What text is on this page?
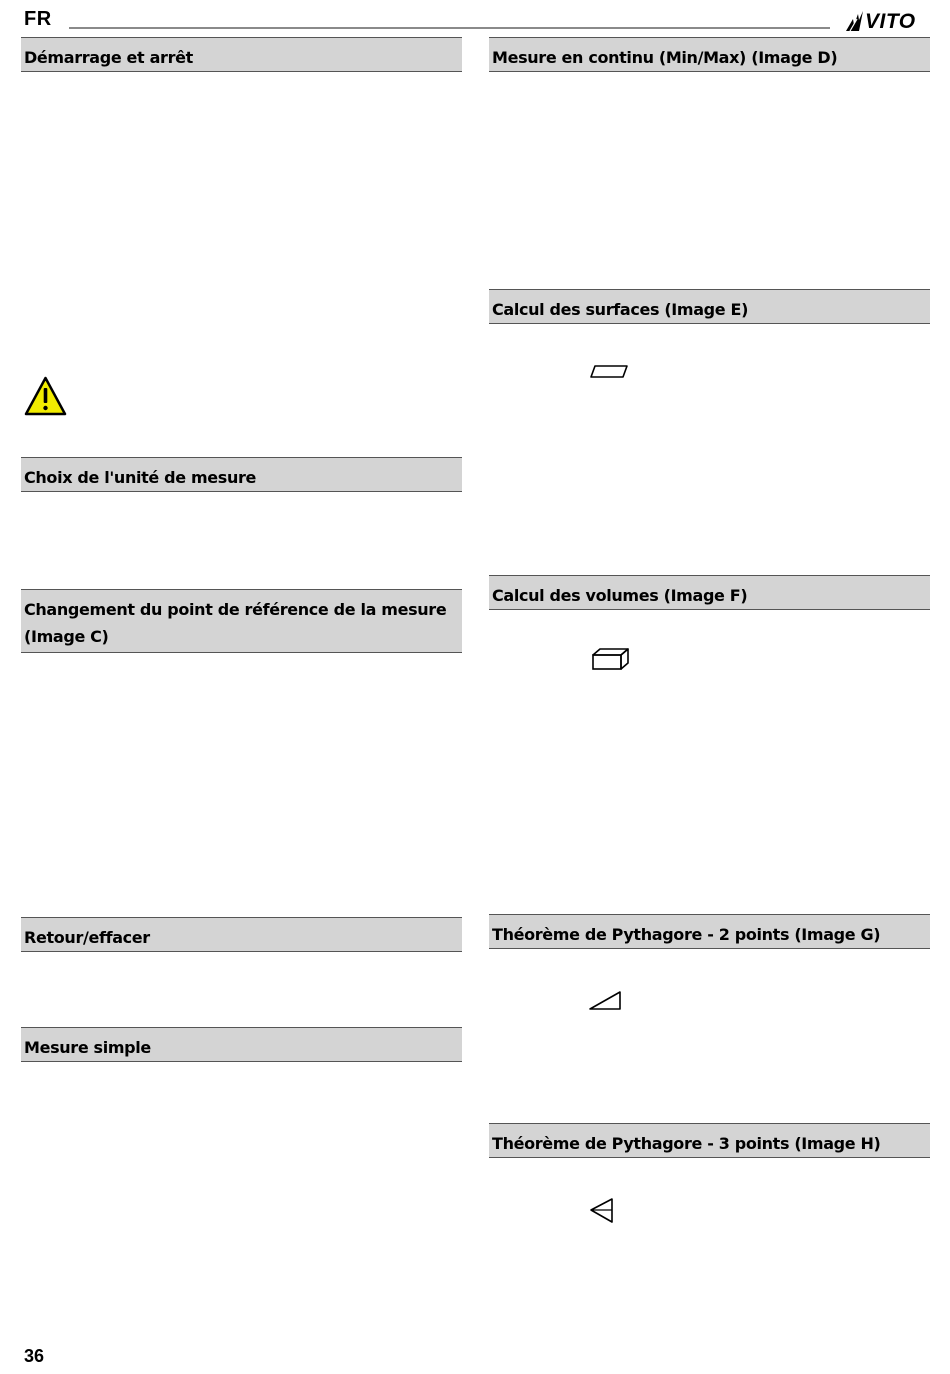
FR	VITO
Démarrage et arrêt
Choix de l'unité de mesure
Changement du point de référence de la mesure (Image C)
Retour/effacer
Mesure simple
Mesure en continu (Min/Max) (Image D)
Calcul des surfaces (Image E)
Calcul des volumes (Image F)
Théorème de Pythagore - 2 points (Image G)
Théorème de Pythagore - 3 points (Image H)
36
